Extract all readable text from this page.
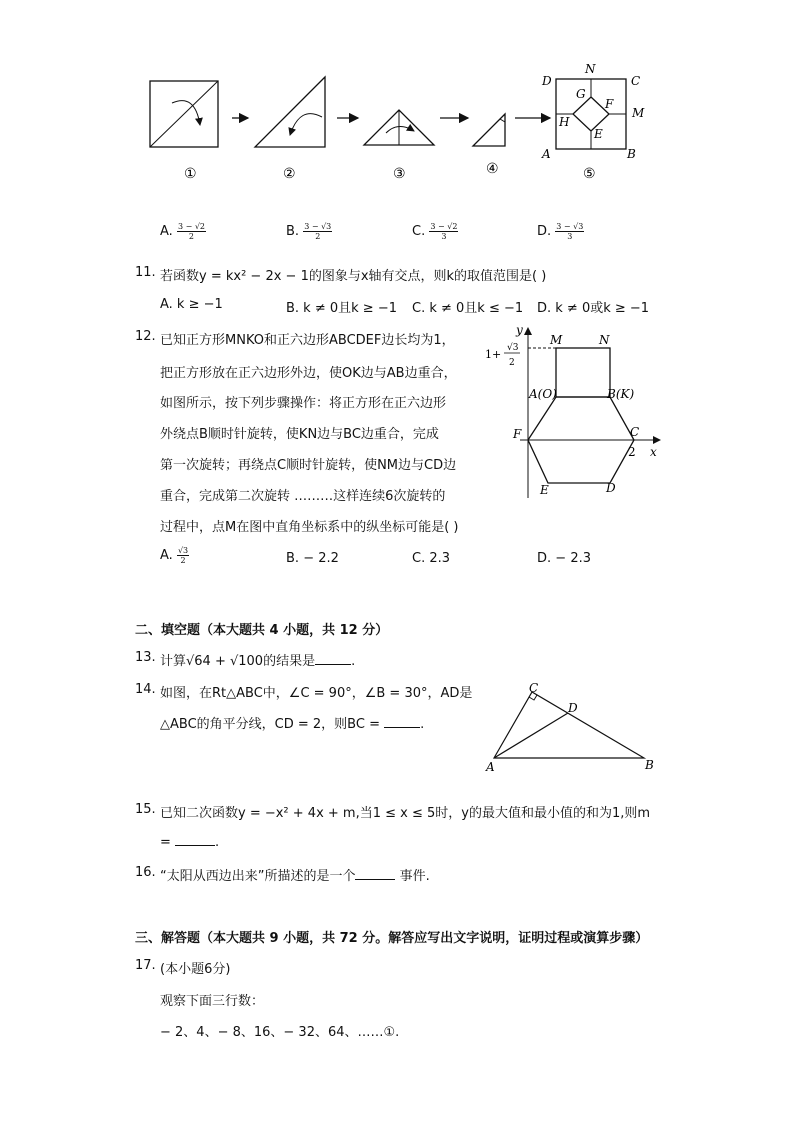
D
N
C
G
F
M
H
E
A	B
①	②	③	④	⑤
A. $\frac{3 - √2}{2}$	B. $\frac{3 - √3}{2}$	C. $\frac{3 - √2}{3}$	D. $\frac{3 - √3}{3}$
11. 若函数y = kx² − 2x − 1的图象与x轴有交点，则k的取值范围是( )
A. k ≥ −1	B. k ≠ 0且k ≥ −1 C. k ≠ 0且k ≤ −1 D. k ≠ 0或k ≥ −1
12. 已知正方形MNKO和正六边形ABCDEF边长均为1，
把正方形放在正六边形外边，使OK边与AB边重合，
如图所示，按下列步骤操作：将正方形在正六边形
外绕点B顺时针旋转，使KN边与BC边重合，完成
第一次旋转；再绕点C顺时针旋转，使NM边与CD边
重合，完成第二次旋转 ………这样连续6次旋转的
过程中，点M在图中直角坐标系中的纵坐标可能是( )
A. $\frac{√3}{2}$	B. − 2.2	C. 2.3	D. − 2.3
y
x
1+ √3
2
M	N
A(O)	B(K)
F	C
2
E	D
二、填空题（本大题共 4 小题，共 12 分）
13. 计算√64 + √100的结果是	.
14. 如图，在Rt△ABC中，∠C = 90°，∠B = 30°，AD是
△ABC的角平分线，CD = 2，则BC =	.
C
D
A	B
15. 已知二次函数y = −x² + 4x + m,当1 ≤ x ≤ 5时，y的最大值和最小值的和为1,则m
=	.
16. “太阳从西边出来”所描述的是一个	事件.
三、解答题（本大题共 9 小题，共 72 分。解答应写出文字说明，证明过程或演算步骤）
17. (本小题6分)
观察下面三行数：
− 2、4、− 8、16、− 32、64、……①.
